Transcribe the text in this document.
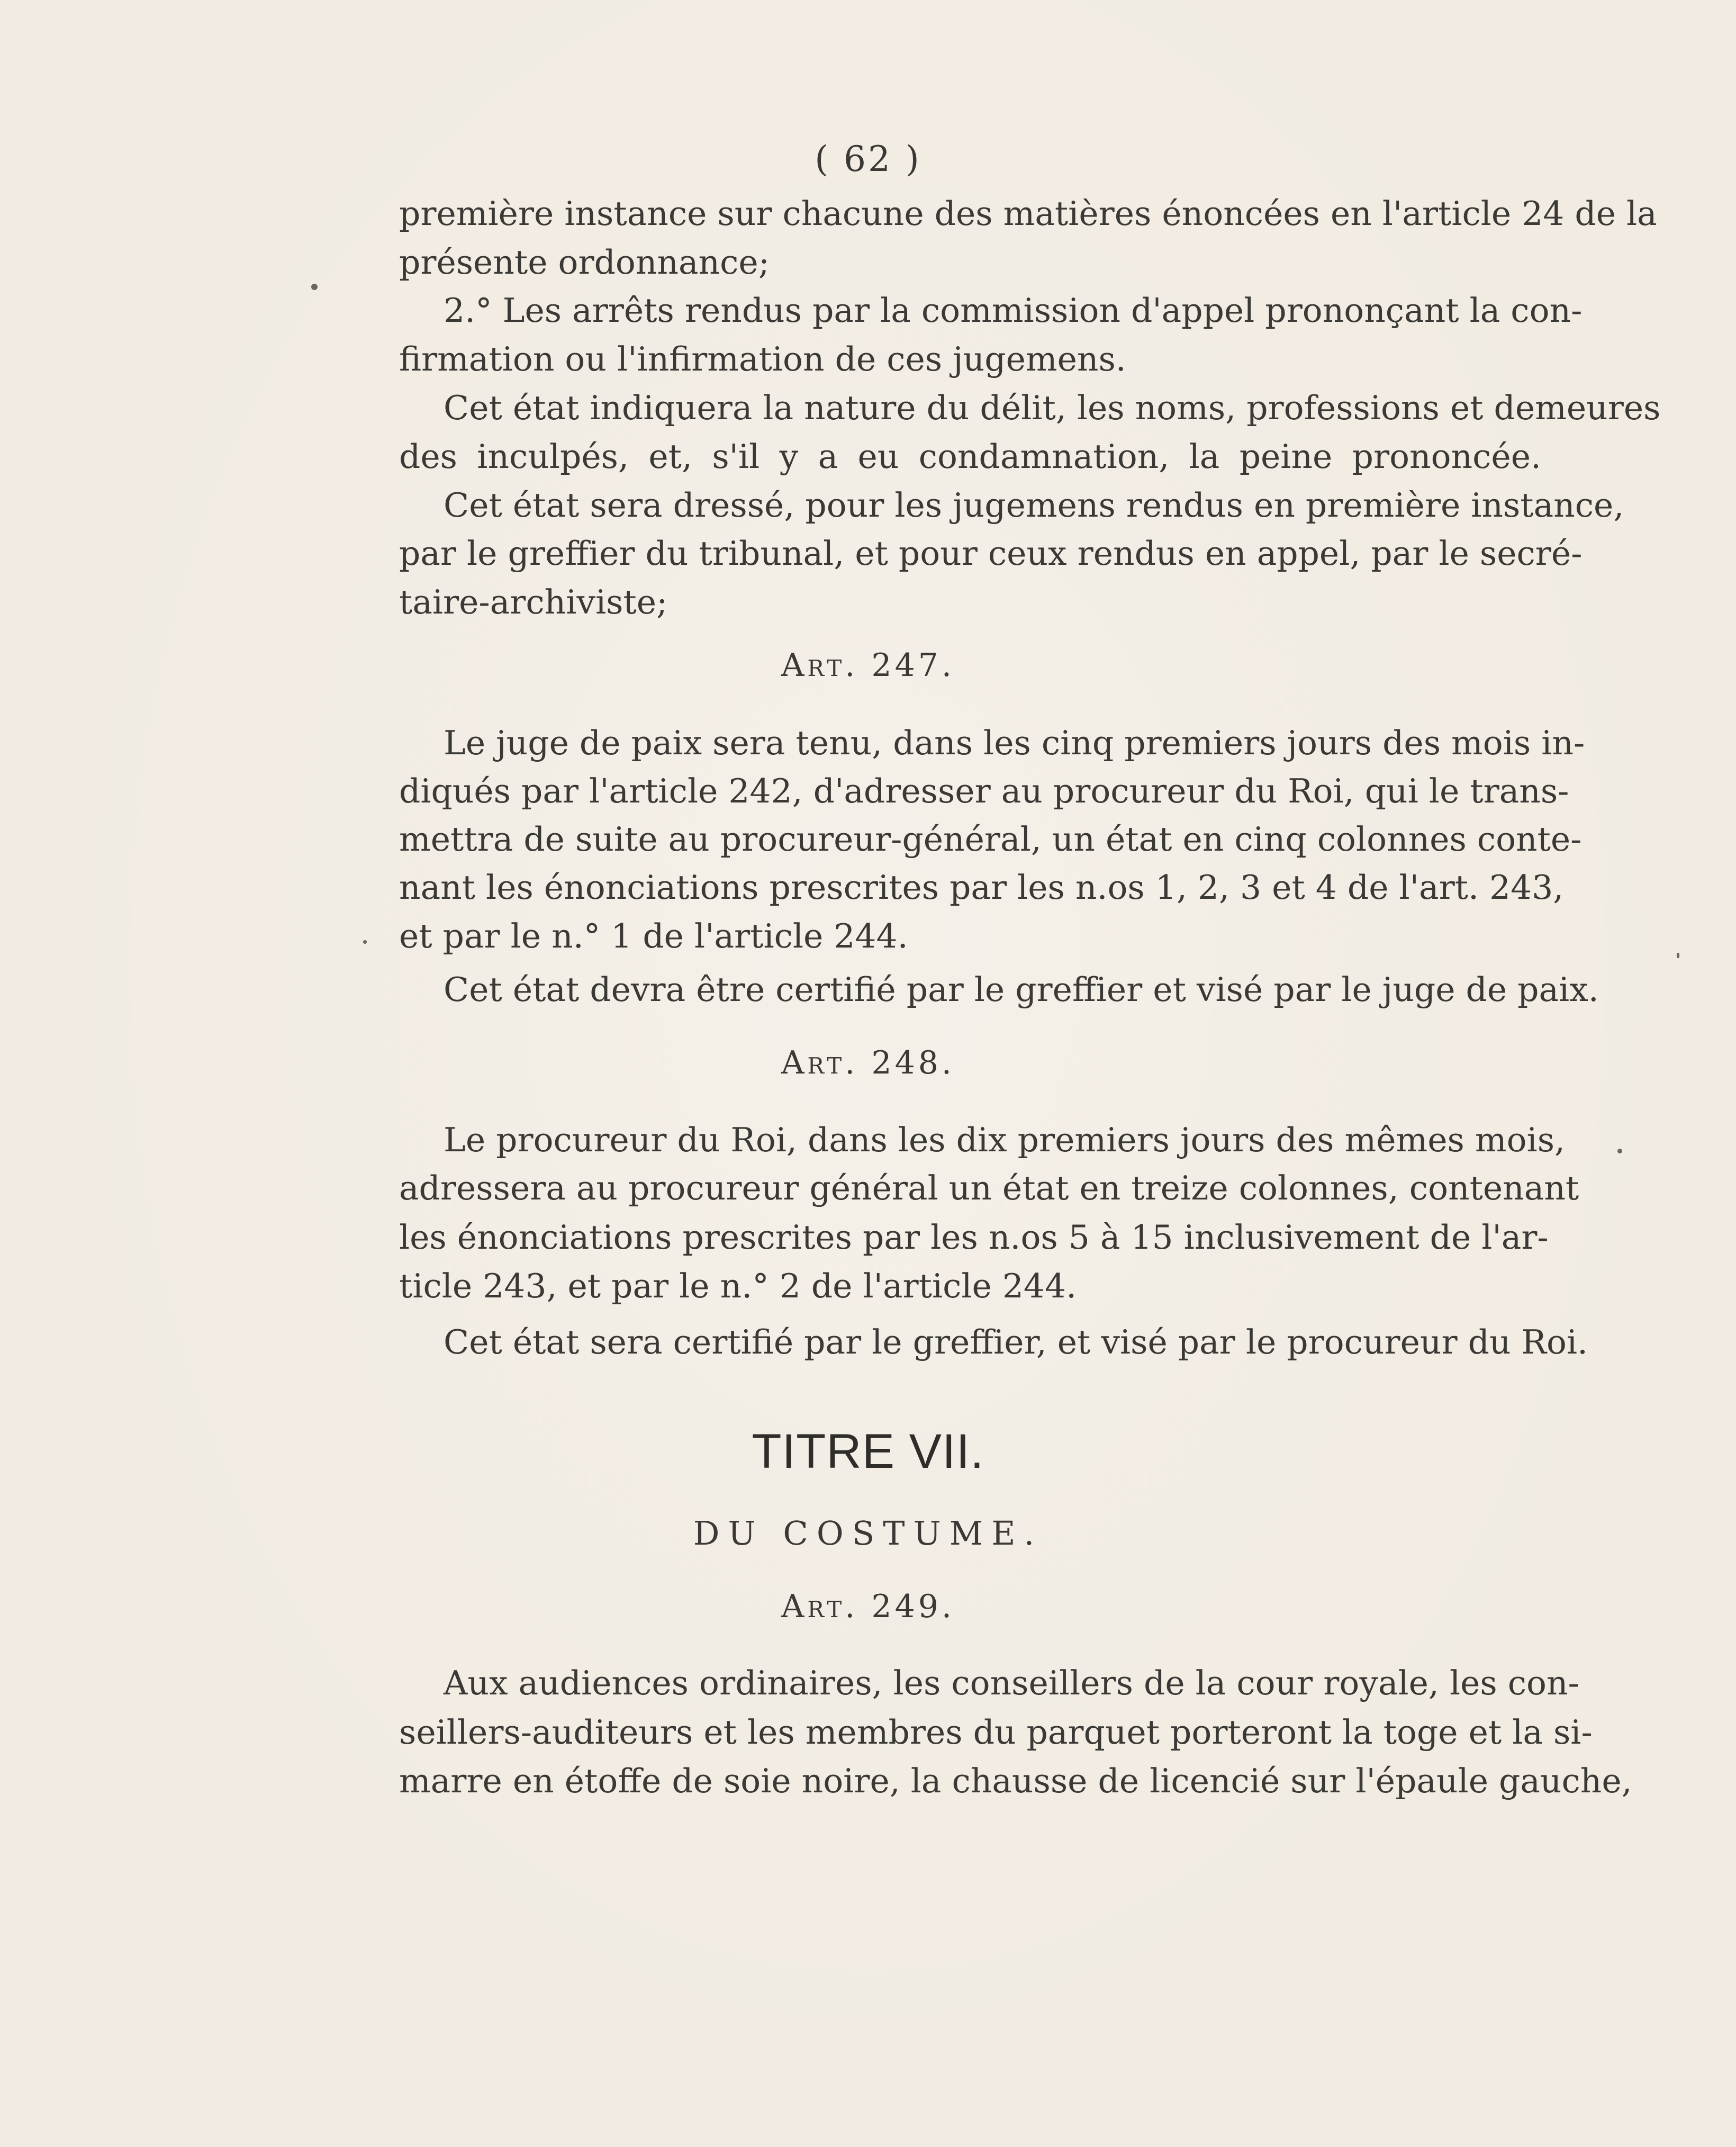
( 62 )
première instance sur chacune des matières énoncées en l'article 24 de la
présente ordonnance;
2.° Les arrêts rendus par la commission d'appel prononçant la con-
firmation ou l'infirmation de ces jugemens.
Cet état indiquera la nature du délit, les noms, professions et demeures
des inculpés, et, s'il y a eu condamnation, la peine prononcée.
Cet état sera dressé, pour les jugemens rendus en première instance,
par le greffier du tribunal, et pour ceux rendus en appel, par le secré-
taire-archiviste;
Art. 247.
Le juge de paix sera tenu, dans les cinq premiers jours des mois in-
diqués par l'article 242, d'adresser au procureur du Roi, qui le trans-
mettra de suite au procureur-général, un état en cinq colonnes conte-
nant les énonciations prescrites par les n.os 1, 2, 3 et 4 de l'art. 243,
et par le n.° 1 de l'article 244.
Cet état devra être certifié par le greffier et visé par le juge de paix.
Art. 248.
Le procureur du Roi, dans les dix premiers jours des mêmes mois,
adressera au procureur général un état en treize colonnes, contenant
les énonciations prescrites par les n.os 5 à 15 inclusivement de l'ar-
ticle 243, et par le n.° 2 de l'article 244.
Cet état sera certifié par le greffier, et visé par le procureur du Roi.
TITRE VII.
DU COSTUME.
Art. 249.
Aux audiences ordinaires, les conseillers de la cour royale, les con-
seillers-auditeurs et les membres du parquet porteront la toge et la si-
marre en étoffe de soie noire, la chausse de licencié sur l'épaule gauche,
